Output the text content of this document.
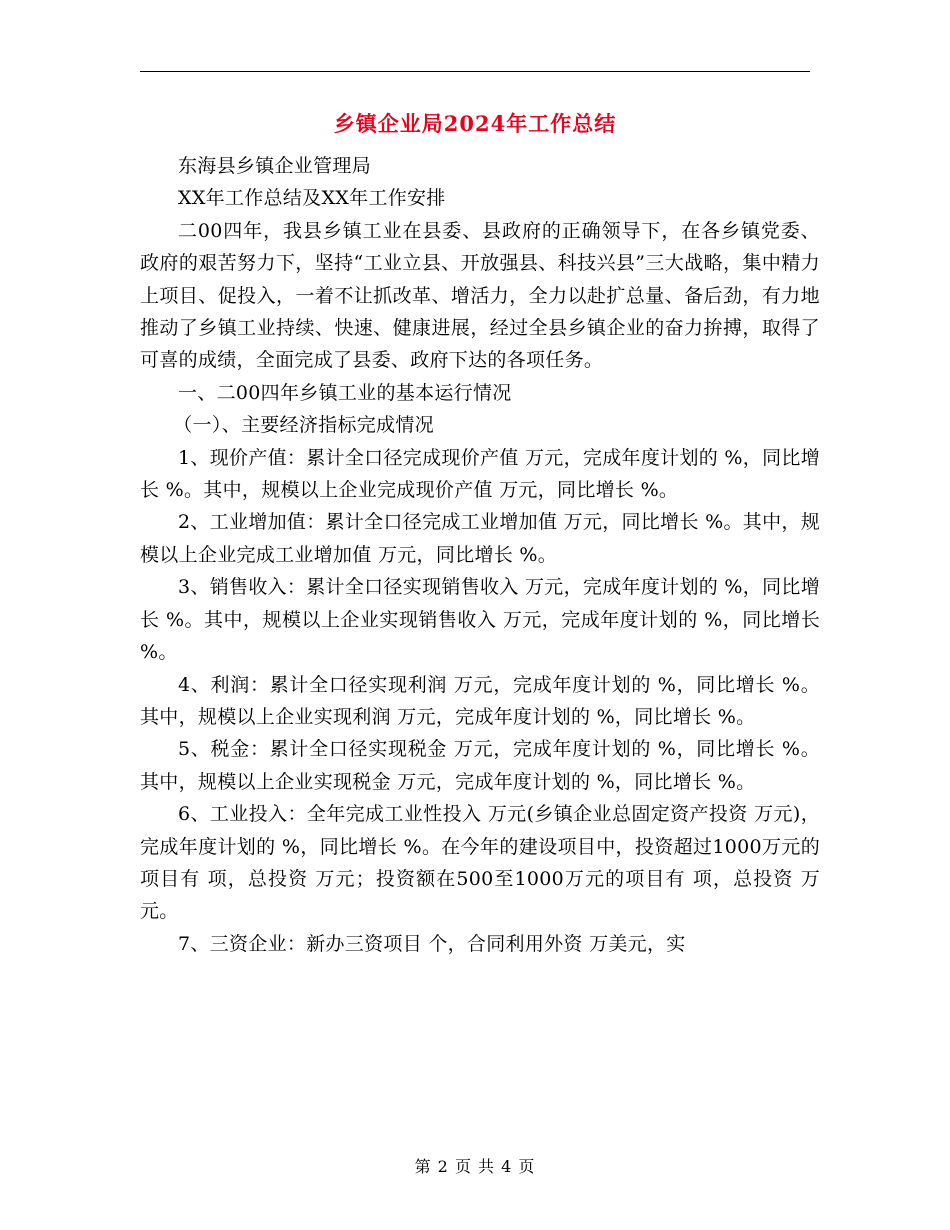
乡镇企业局2024年工作总结

东海县乡镇企业管理局

XX年工作总结及XX年工作安排

二00四年，我县乡镇工业在县委、县政府的正确领导下，在各乡镇党委、政府的艰苦努力下，坚持“工业立县、开放强县、科技兴县”三大战略，集中精力上项目、促投入，一着不让抓改革、增活力，全力以赴扩总量、备后劲，有力地推动了乡镇工业持续、快速、健康进展，经过全县乡镇企业的奋力拚搏，取得了可喜的成绩，全面完成了县委、政府下达的各项任务。

一、二00四年乡镇工业的基本运行情况

（一）、主要经济指标完成情况

1、现价产值：累计全口径完成现价产值 万元，完成年度计划的 %，同比增长 %。其中，规模以上企业完成现价产值 万元，同比增长 %。

2、工业增加值：累计全口径完成工业增加值 万元，同比增长 %。其中，规模以上企业完成工业增加值 万元，同比增长 %。

3、销售收入：累计全口径实现销售收入 万元，完成年度计划的 %，同比增长 %。其中，规模以上企业实现销售收入 万元，完成年度计划的 %，同比增长 %。

4、利润：累计全口径实现利润 万元，完成年度计划的 %，同比增长 %。其中，规模以上企业实现利润 万元，完成年度计划的 %，同比增长 %。

5、税金：累计全口径实现税金 万元，完成年度计划的 %，同比增长 %。其中，规模以上企业实现税金 万元，完成年度计划的 %，同比增长 %。

6、工业投入：全年完成工业性投入 万元(乡镇企业总固定资产投资 万元)，完成年度计划的 %，同比增长 %。在今年的建设项目中，投资超过1000万元的项目有 项，总投资 万元；投资额在500至1000万元的项目有 项，总投资 万元。

7、三资企业：新办三资项目 个，合同利用外资 万美元，实

第 2 页 共 4 页
